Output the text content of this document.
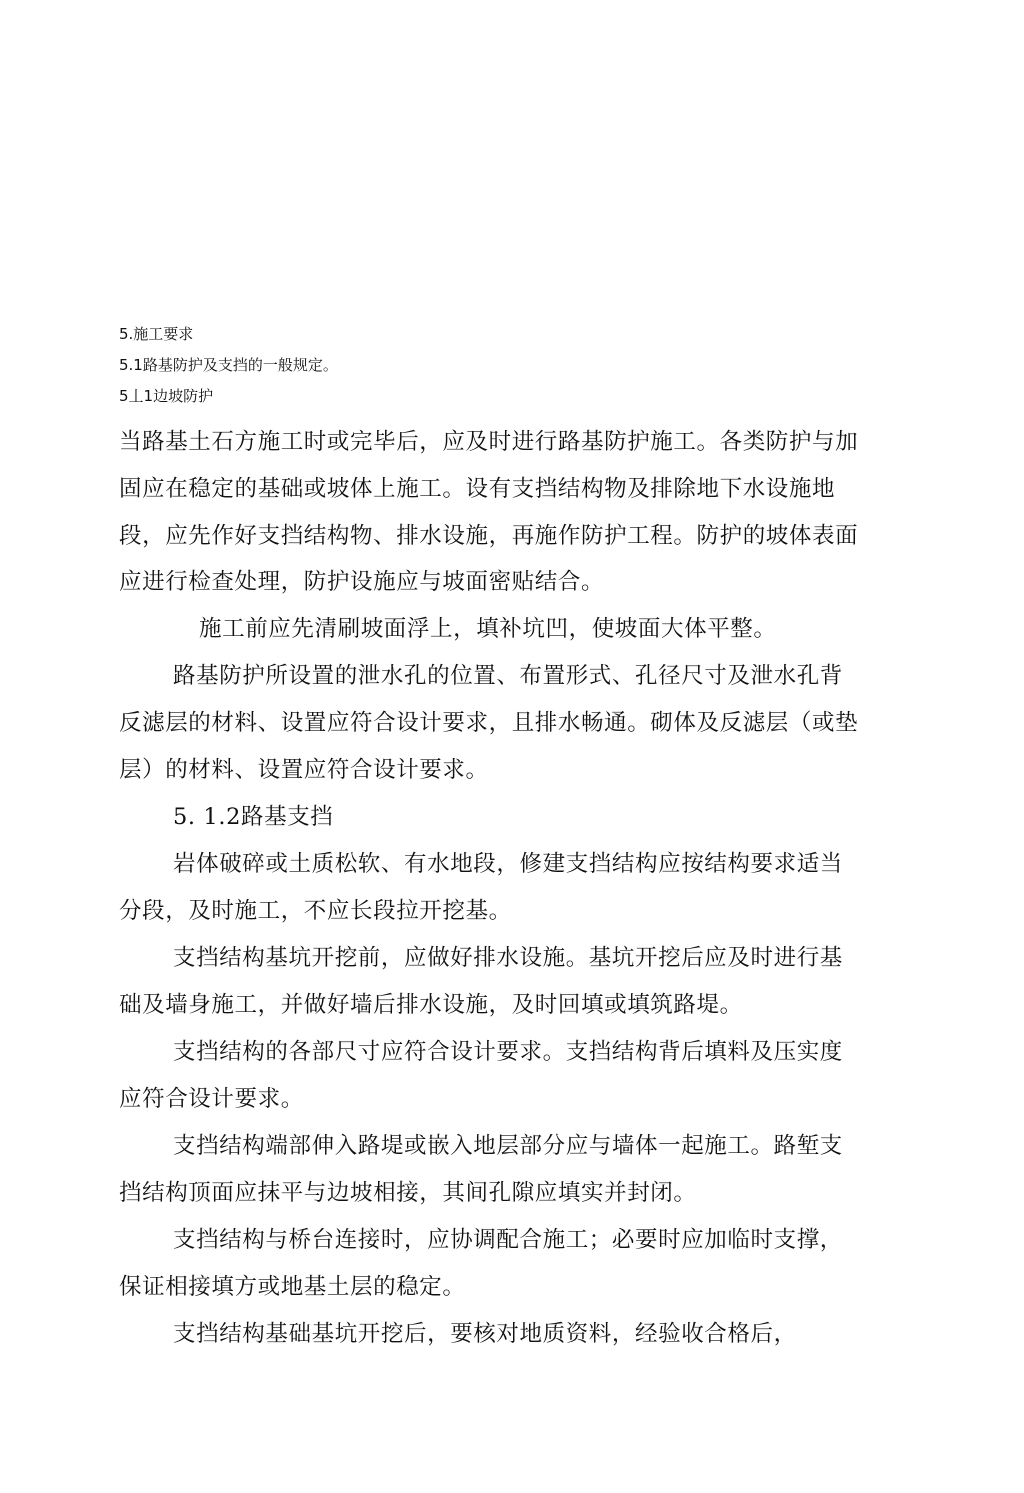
5.施工要求
5.1路基防护及支挡的一般规定。
5丄1边坡防护

当路基土石方施工时或完毕后，应及时进行路基防护施工。各类防护与加固应在稳定的基础或坡体上施工。设有支挡结构物及排除地下水设施地段，应先作好支挡结构物、排水设施，再施作防护工程。防护的坡体表面应进行检查处理，防护设施应与坡面密贴结合。

施工前应先清刷坡面浮上，填补坑凹，使坡面大体平整。

路基防护所设置的泄水孔的位置、布置形式、孔径尺寸及泄水孔背反滤层的材料、设置应符合设计要求，且排水畅通。砌体及反滤层（或垫层）的材料、设置应符合设计要求。

5. 1.2路基支挡

岩体破碎或土质松软、有水地段，修建支挡结构应按结构要求适当分段，及时施工，不应长段拉开挖基。

支挡结构基坑开挖前，应做好排水设施。基坑开挖后应及时进行基础及墙身施工，并做好墙后排水设施，及时回填或填筑路堤。

支挡结构的各部尺寸应符合设计要求。支挡结构背后填料及压实度应符合设计要求。

支挡结构端部伸入路堤或嵌入地层部分应与墙体一起施工。路堑支挡结构顶面应抹平与边坡相接，其间孔隙应填实并封闭。

支挡结构与桥台连接时，应协调配合施工；必要时应加临时支撑，保证相接填方或地基土层的稳定。

支挡结构基础基坑开挖后，要核对地质资料，经验收合格后，
